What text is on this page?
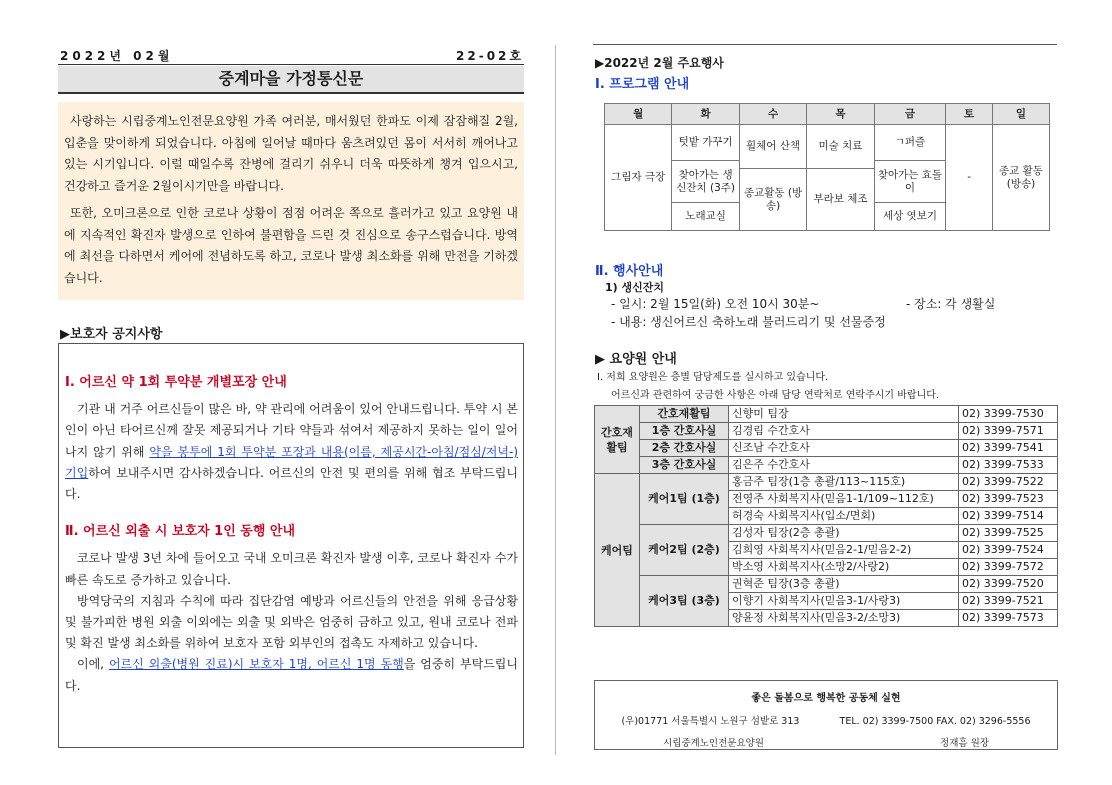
2022년 02월	22-02호
중계마을 가정통신문

사랑하는 시립중계노인전문요양원 가족 여러분, 매서웠던 한파도 이제 잠잠해질 2월, 입춘을 맞이하게 되었습니다. 아침에 일어날 때마다 움츠려있던 몸이 서서히 깨어나고 있는 시기입니다. 이럴 때일수록 잔병에 걸리기 쉬우니 더욱 따뜻하게 챙겨 입으시고, 건강하고 즐거운 2월이시기만을 바랍니다.

또한, 오미크론으로 인한 코로나 상황이 점점 어려운 쪽으로 흘러가고 있고 요양원 내에 지속적인 확진자 발생으로 인하여 불편함을 드린 것 진심으로 송구스럽습니다. 방역에 최선을 다하면서 케어에 전념하도록 하고, 코로나 발생 최소화를 위해 만전을 기하겠습니다.

▶보호자 공지사항
Ⅰ. 어르신 약 1회 투약분 개별포장 안내

기관 내 거주 어르신들이 많은 바, 약 관리에 어려움이 있어 안내드립니다. 투약 시 본인이 아닌 타어르신께 잘못 제공되거나 기타 약들과 섞여서 제공하지 못하는 일이 일어나지 않기 위해 약을 봉투에 1회 투약분 포장과 내용(이름, 제공시간-아침/점심/저녁-) 기입하여 보내주시면 감사하겠습니다. 어르신의 안전 및 편의를 위해 협조 부탁드립니다.

Ⅱ. 어르신 외출 시 보호자 1인 동행 안내

코로나 발생 3년 차에 들어오고 국내 오미크론 확진자 발생 이후, 코로나 확진자 수가 빠른 속도로 증가하고 있습니다.

방역당국의 지침과 수칙에 따라 집단감염 예방과 어르신들의 안전을 위해 응급상황 및 불가피한 병원 외출 이외에는 외출 및 외박은 엄중히 금하고 있고, 원내 코로나 전파 및 확진 발생 최소화를 위하여 보호자 포함 외부인의 접촉도 자제하고 있습니다.

이에, 어르신 외출(병원 진료)시 보호자 1명, 어르신 1명 동행을 엄중히 부탁드립니다.

▶2022년 2월 주요행사
Ⅰ. 프로그램 안내
월	화	수	목	금	토	일
그림자 극장	텃밭 가꾸기	휠체어 산책	미술 치료	ㄱ퍼즐	-	종교 활동 (방송)

	찾아가는 생신잔치 (3주)			찾아가는 효돌이		
		종교활동 (방송)	부라보 체조			

	노래교실			세상 엿보기		
Ⅱ. 행사안내
1) 생신잔치
- 일시: 2월 15일(화) 오전 10시 30분~	- 장소: 각 생활실
- 내용: 생신어르신 축하노래 불러드리기 및 선물증정
▶ 요양원 안내
Ⅰ. 저희 요양원은 층별 담당제도를 실시하고 있습니다.
어르신과 관련하여 궁금한 사항은 아래 담당 연락처로 연락주시기 바랍니다.
간호재활팀	간호재활팀	신향미 팀장	02) 3399-7530
	1층 간호사실	김경림 수간호사	02) 3399-7571
	2층 간호사실	신조남 수간호사	02) 3399-7541
	3층 간호사실	김은주 수간호사	02) 3399-7533
케어팀	케어1팀 (1층)	홍금주 팀장(1층 총괄/113~115호)	02) 3399-7522
		전영주 사회복지사(믿음1-1/109~112호)	02) 3399-7523
		허경숙 사회복지사(입소/면회)	02) 3399-7514
	케어2팀 (2층)	김성자 팀장(2층 총괄)	02) 3399-7525
		김희영 사회복지사(믿음2-1/믿음2-2)	02) 3399-7524
		박소영 사회복지사(소망2/사랑2)	02) 3399-7572
	케어3팀 (3층)	권혁준 팀장(3층 총괄)	02) 3399-7520
		이향기 사회복지사(믿음3-1/사랑3)	02) 3399-7521
		양윤정 사회복지사(믿음3-2/소망3)	02) 3399-7573
좋은 돌봄으로 행복한 공동체 실현
(우)01771 서울특별시 노원구 섬밭로 313	TEL. 02) 3399-7500 FAX. 02) 3296-5556
시립중계노인전문요양원	정재흠 원장
